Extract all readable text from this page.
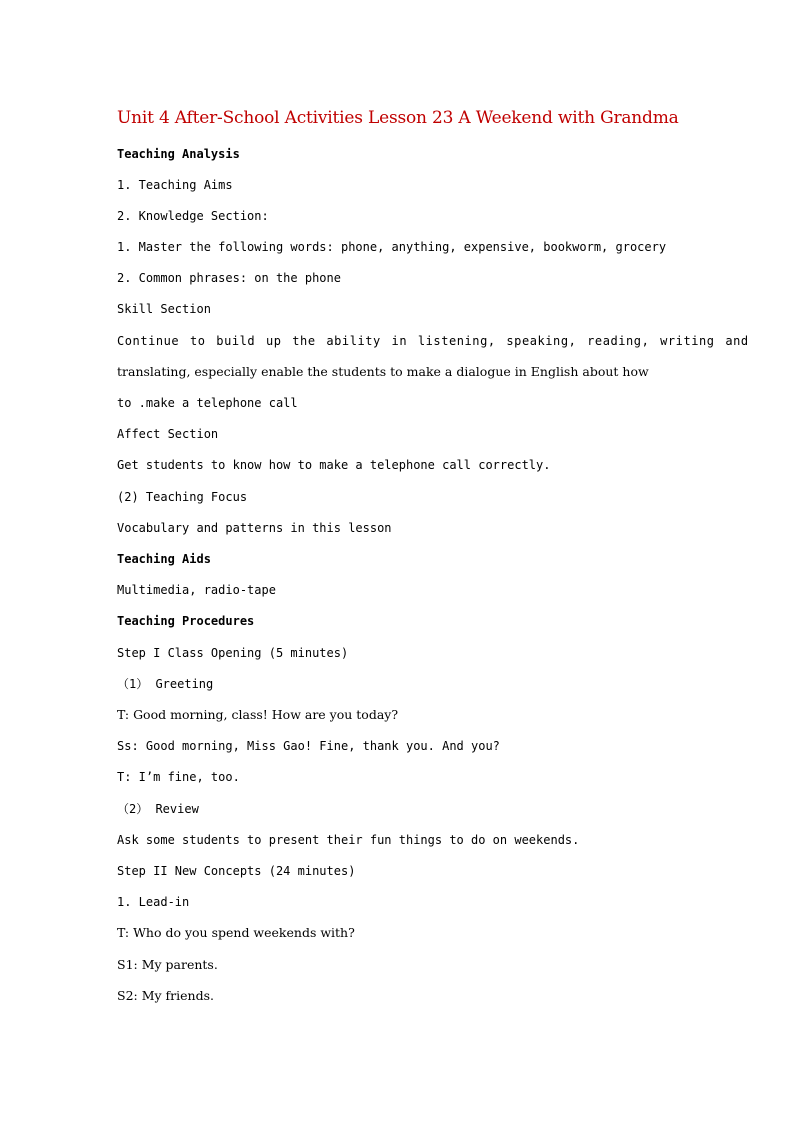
Unit 4 After-School Activities Lesson 23 A Weekend with Grandma
Teaching Analysis
1. Teaching Aims
2. Knowledge Section:
1. Master the following words: phone, anything, expensive, bookworm, grocery
2. Common phrases: on the phone
Skill Section
Continue to build up the ability in listening, speaking, reading, writing and
translating, especially enable the students to make a dialogue in English about how
to .make a telephone call
Affect Section
Get students to know how to make a telephone call correctly.
(2) Teaching Focus
Vocabulary and patterns in this lesson
Teaching Aids
Multimedia, radio-tape
Teaching Procedures
Step I Class Opening (5 minutes)
（1） Greeting
T: Good morning, class! How are you today?
Ss: Good morning, Miss Gao! Fine, thank you. And you?
T: I’m fine, too.
（2） Review
Ask some students to present their fun things to do on weekends.
Step II New Concepts (24 minutes)
1. Lead-in
T: Who do you spend weekends with?
S1: My parents.
S2: My friends.
